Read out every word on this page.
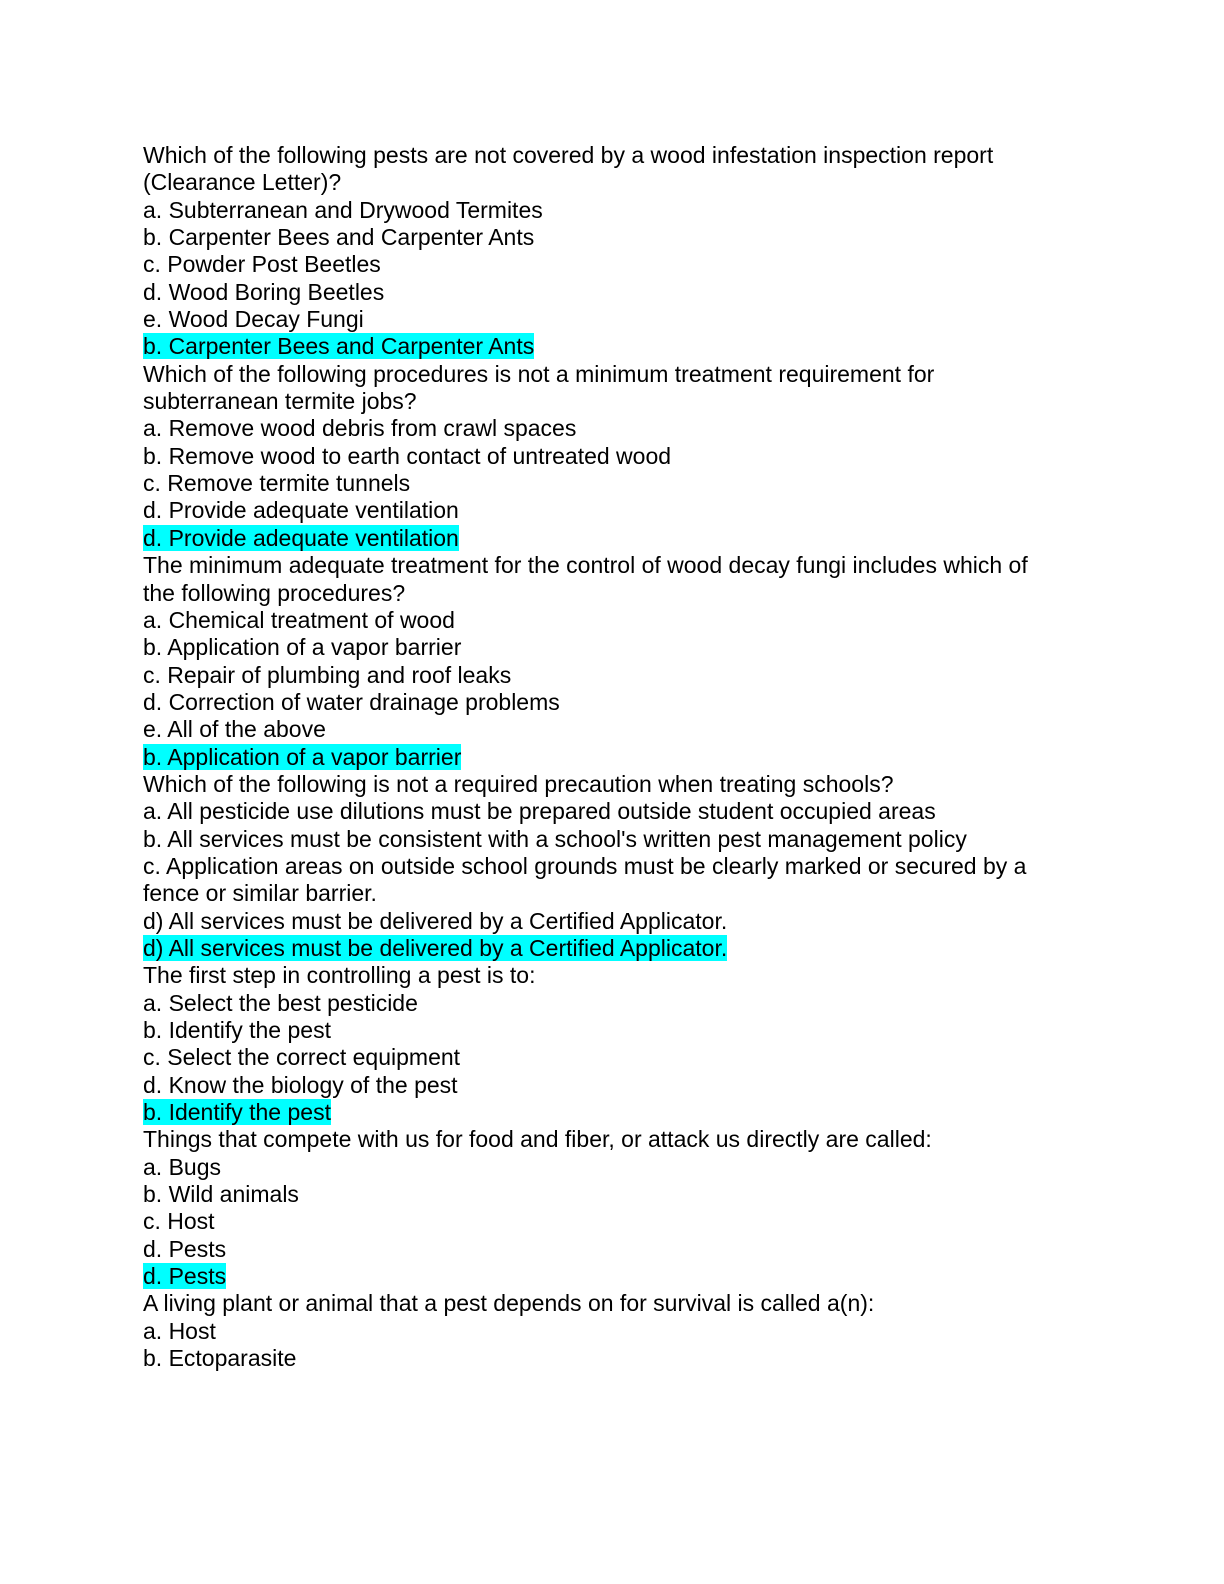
Which of the following pests are not covered by a wood infestation inspection report
(Clearance Letter)?
a. Subterranean and Drywood Termites
b. Carpenter Bees and Carpenter Ants
c. Powder Post Beetles
d. Wood Boring Beetles
e. Wood Decay Fungi
b. Carpenter Bees and Carpenter Ants
Which of the following procedures is not a minimum treatment requirement for
subterranean termite jobs?
a. Remove wood debris from crawl spaces
b. Remove wood to earth contact of untreated wood
c. Remove termite tunnels
d. Provide adequate ventilation
d. Provide adequate ventilation
The minimum adequate treatment for the control of wood decay fungi includes which of
the following procedures?
a. Chemical treatment of wood
b. Application of a vapor barrier
c. Repair of plumbing and roof leaks
d. Correction of water drainage problems
e. All of the above
b. Application of a vapor barrier
Which of the following is not a required precaution when treating schools?
a. All pesticide use dilutions must be prepared outside student occupied areas
b. All services must be consistent with a school's written pest management policy
c. Application areas on outside school grounds must be clearly marked or secured by a
fence or similar barrier.
d) All services must be delivered by a Certified Applicator.
d) All services must be delivered by a Certified Applicator.
The first step in controlling a pest is to:
a. Select the best pesticide
b. Identify the pest
c. Select the correct equipment
d. Know the biology of the pest
b. Identify the pest
Things that compete with us for food and fiber, or attack us directly are called:
a. Bugs
b. Wild animals
c. Host
d. Pests
d. Pests
A living plant or animal that a pest depends on for survival is called a(n):
a. Host
b. Ectoparasite
